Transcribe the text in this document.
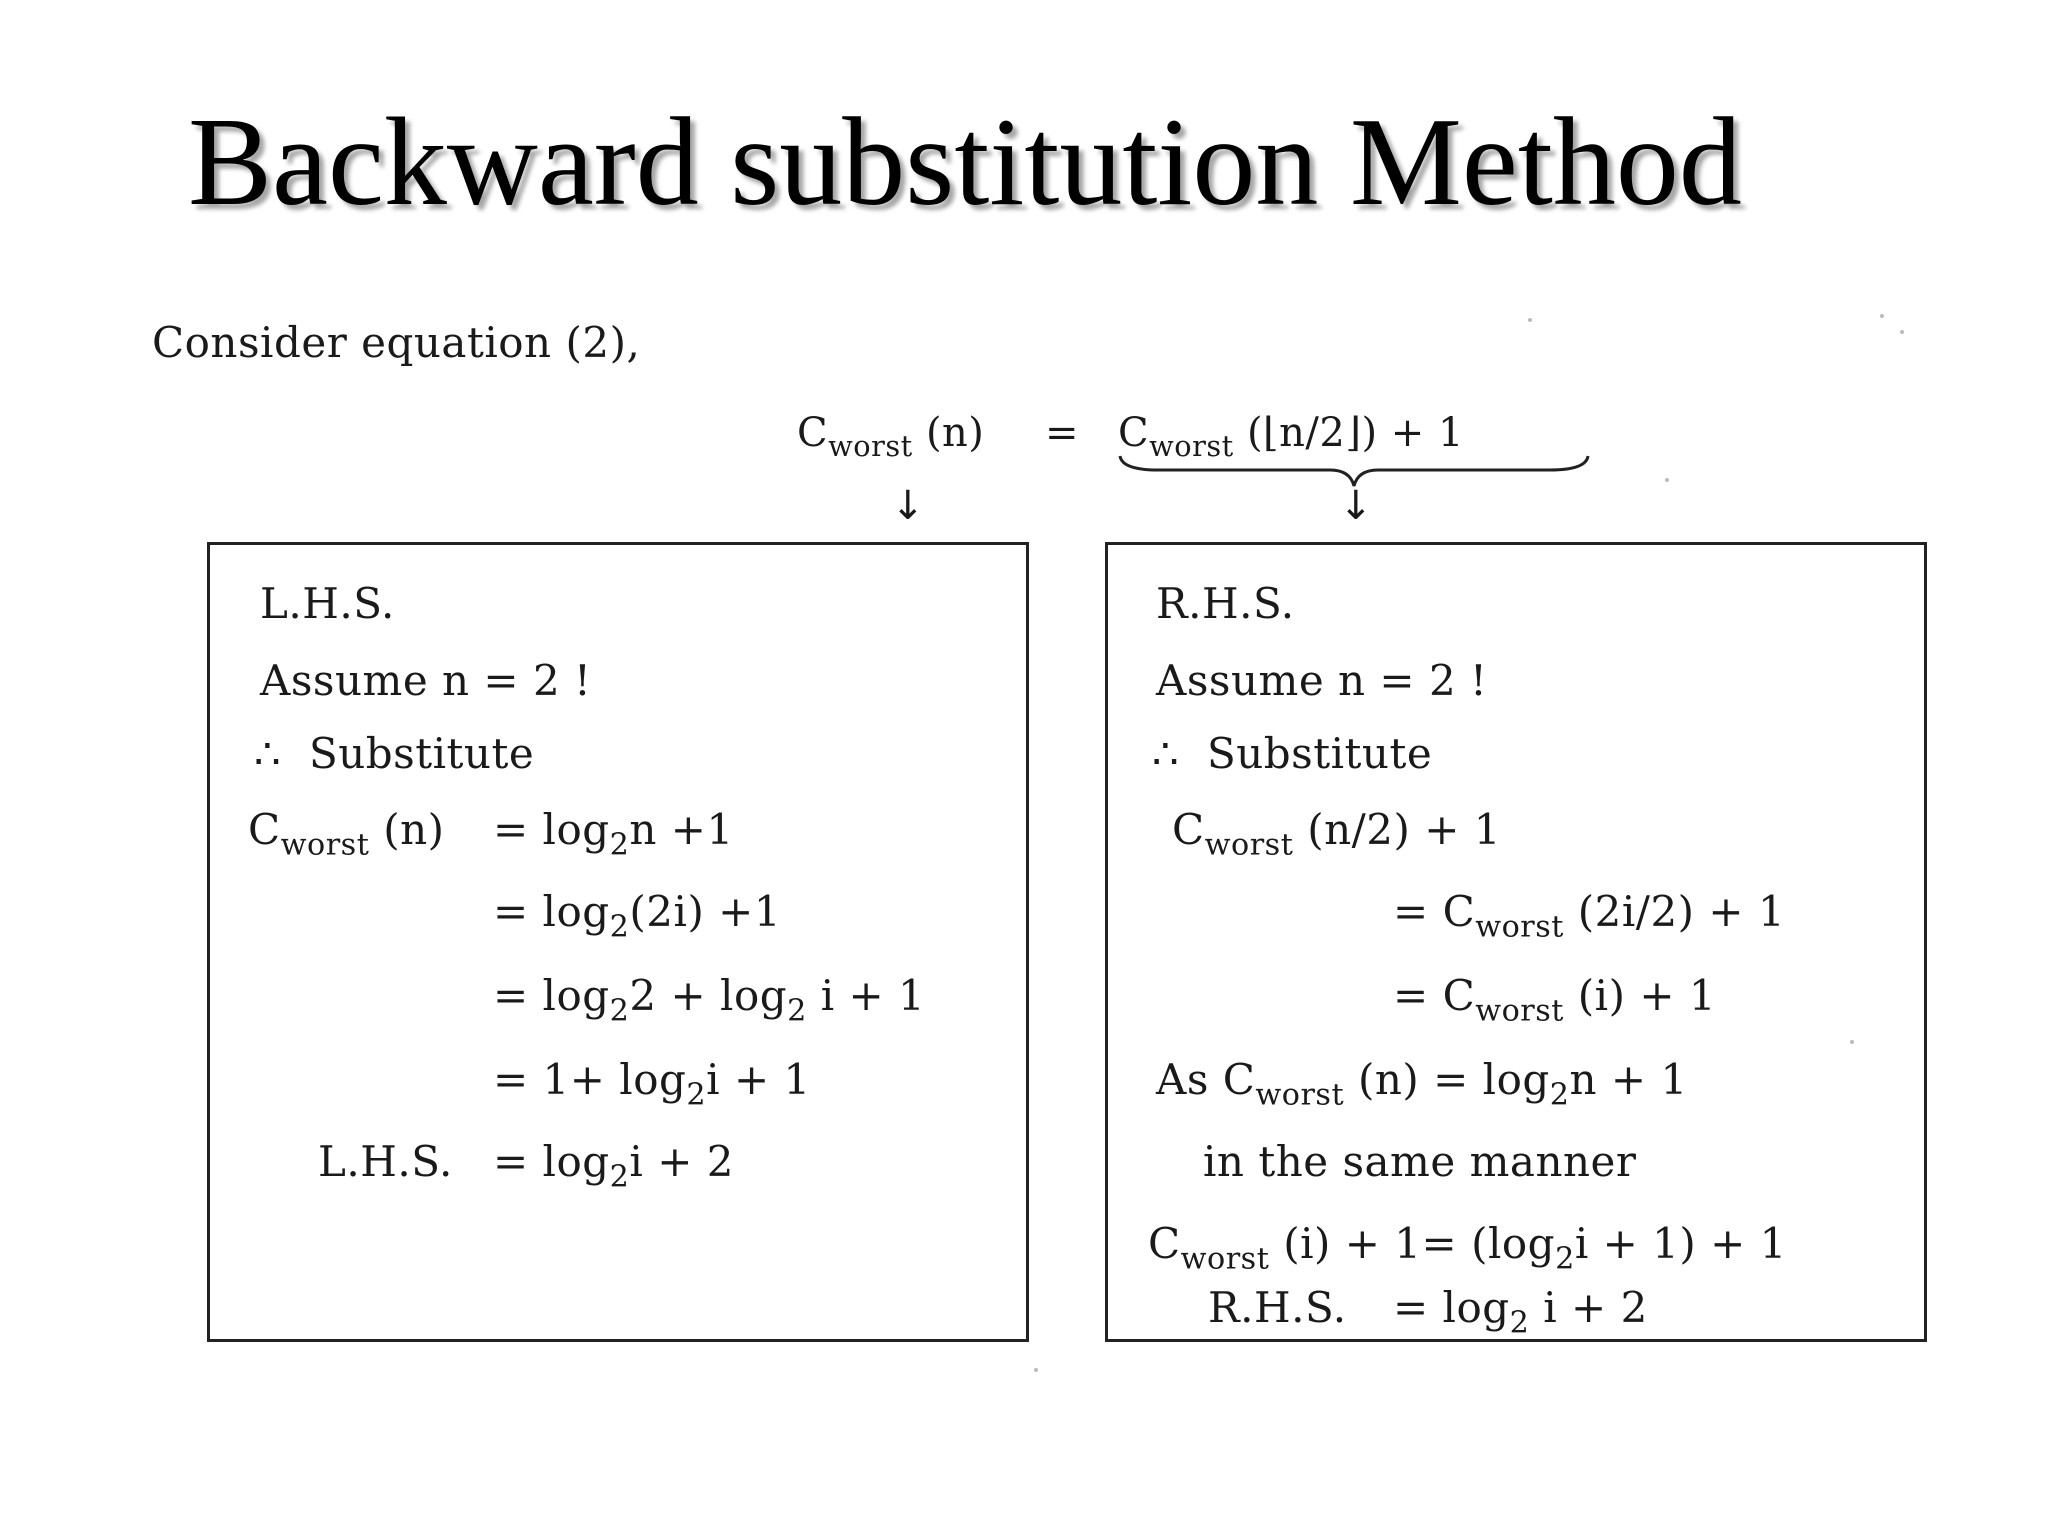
Backward substitution Method
Consider equation (2),
$C_{worst}$ $(n) = C_{worst}$ (⌊n/2⌋) + 1
↓	↓
L.H.S.
Assume n = 2 !
∴ Substitute
$C_{worst}$ $(n) = \log_2n +1$
= $\log_2(2i) +1$
= $\log_22 + \log_2 i + 1$
= $1+ \log_2i + 1$
L.H.S. = $\log_2i + 2$
R.H.S.
Assume n = 2 !
∴ Substitute
$C_{worst}$ (n/2) + 1
= $C_{worst}$ (2i/2) + 1
= $C_{worst}$ (i) + 1
As $C_{worst}$ $(n) = \log_2n + 1$
in the same manner
$C_{worst}$ $(i) + 1= (\log_2i + 1) + 1$
R.H.S. = $\log_2 i + 2$
